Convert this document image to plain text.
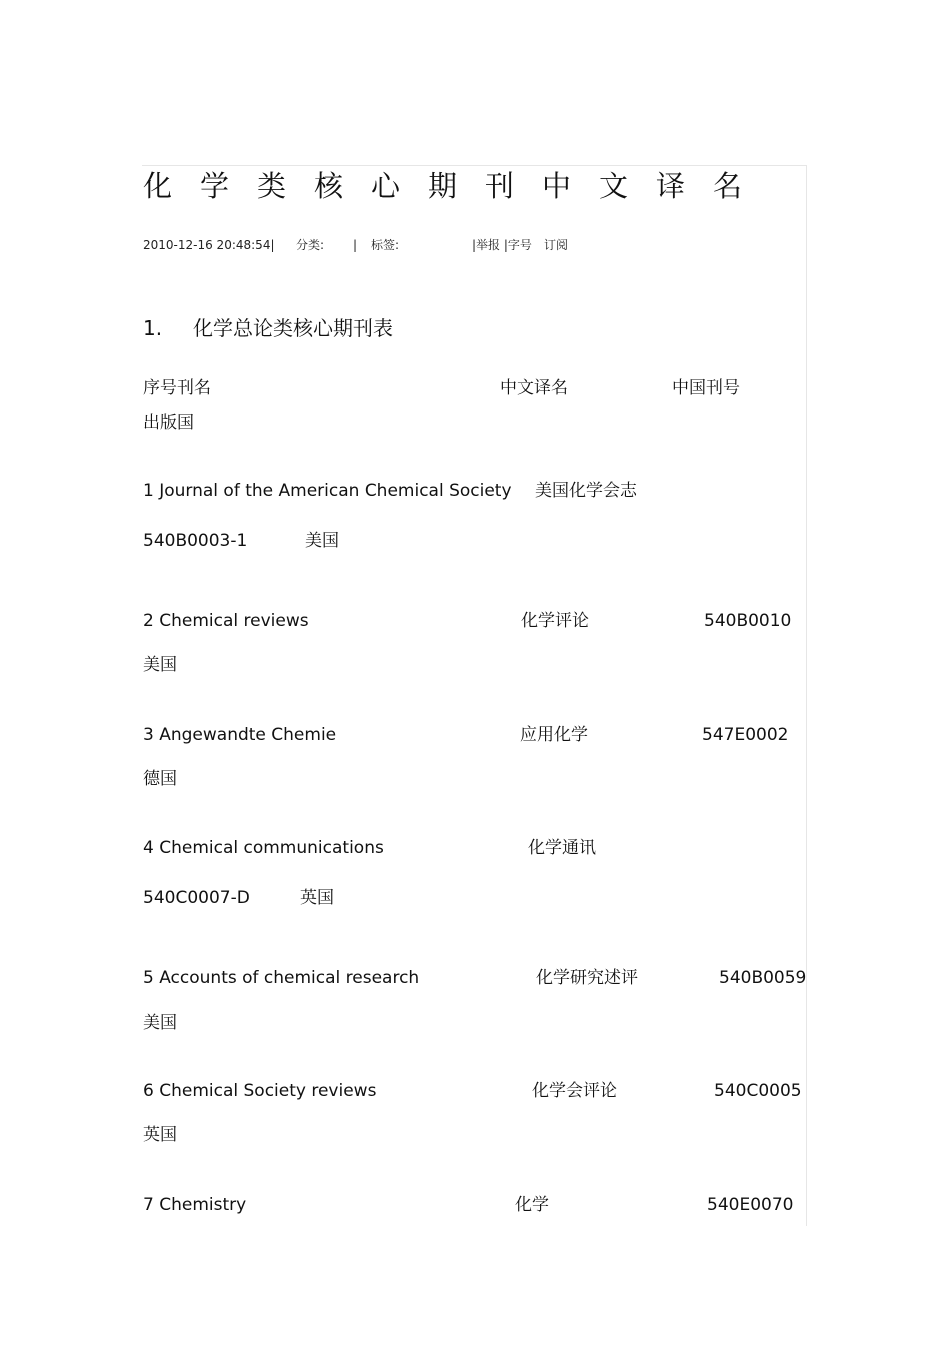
化学类核心期刊中文译名
2010-12-16 20:48:54| 分类: | 标签:	|举报 |字号 订阅
1. 化学总论类核心期刊表
序号刊名	中文译名	中国刊号
出版国
1 Journal of the American Chemical Society 美国化学会志
540B0003-1	美国
2 Chemical reviews	化学评论	540B0010
美国
3 Angewandte Chemie	应用化学	547E0002
德国
4 Chemical communications	化学通讯
540C0007-D	英国
5 Accounts of chemical research	化学研究述评	540B0059
美国
6 Chemical Society reviews	化学会评论	540C0005
英国
7 Chemistry	化学	540E0070
